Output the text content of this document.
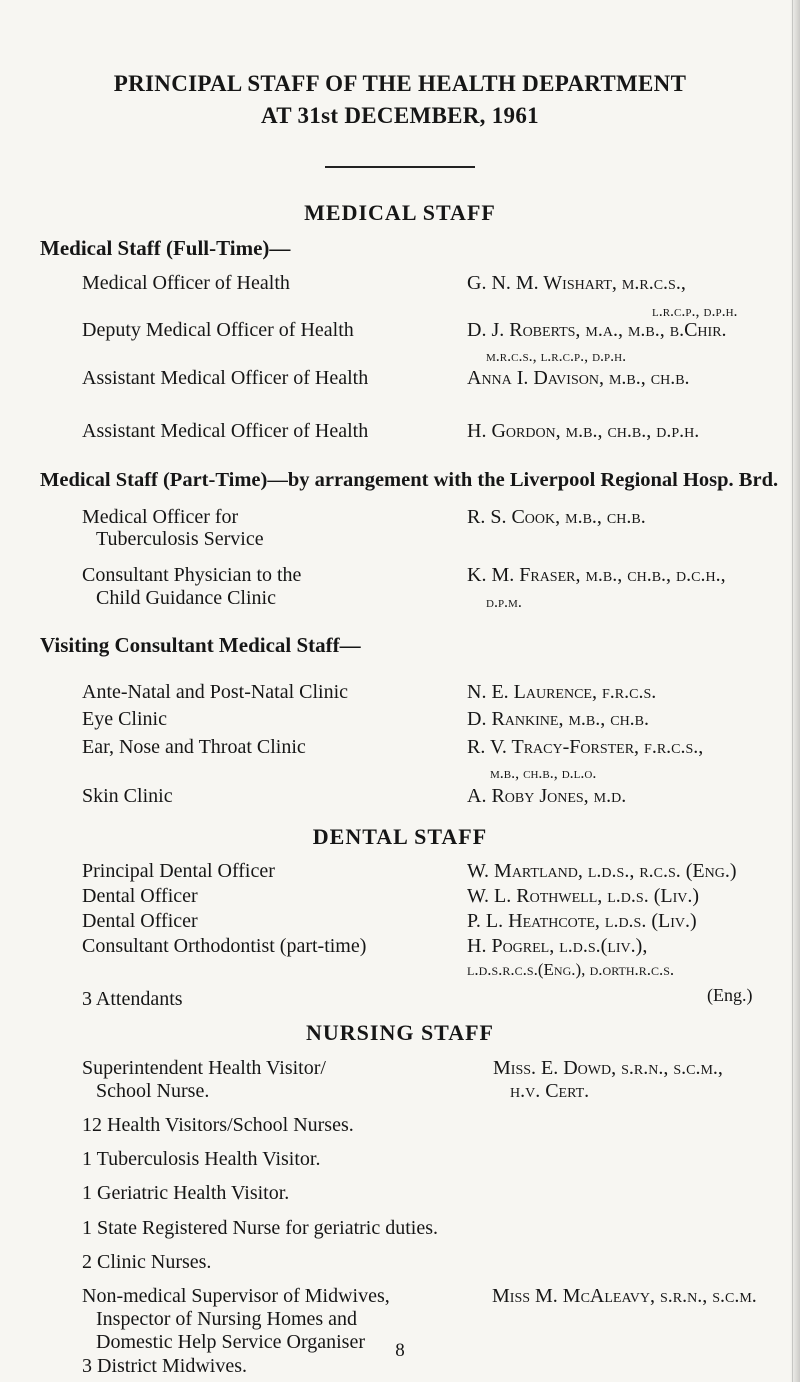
PRINCIPAL STAFF OF THE HEALTH DEPARTMENT
AT 31st DECEMBER, 1961
MEDICAL STAFF
Medical Staff (Full-Time)—
Medical Officer of Health	G. N. M. Wishart, m.r.c.s.,
l.r.c.p., d.p.h.
Deputy Medical Officer of Health	D. J. Roberts, m.a., m.b., b.Chir.
m.r.c.s., l.r.c.p., d.p.h.
Assistant Medical Officer of Health	Anna I. Davison, m.b., ch.b.
Assistant Medical Officer of Health	H. Gordon, m.b., ch.b., d.p.h.
Medical Staff (Part-Time)—by arrangement with the Liverpool Regional Hosp. Brd.
Medical Officer for
Tuberculosis Service
R. S. Cook, m.b., ch.b.
Consultant Physician to the
Child Guidance Clinic
K. M. Fraser, m.b., ch.b., d.c.h.,
d.p.m.
Visiting Consultant Medical Staff—
Ante-Natal and Post-Natal Clinic	N. E. Laurence, f.r.c.s.
Eye Clinic	D. Rankine, m.b., ch.b.
Ear, Nose and Throat Clinic	R. V. Tracy-Forster, f.r.c.s.,
m.b., ch.b., d.l.o.
Skin Clinic	A. Roby Jones, m.d.
DENTAL STAFF
Principal Dental Officer	W. Martland, l.d.s., r.c.s. (Eng.)
Dental Officer	W. L. Rothwell, l.d.s. (Liv.)
Dental Officer	P. L. Heathcote, l.d.s. (Liv.)
Consultant Orthodontist (part-time)	H. Pogrel, l.d.s.(liv.),
l.d.s.r.c.s.(Eng.), d.orth.r.c.s.
(Eng.)
3 Attendants
NURSING STAFF
Superintendent Health Visitor/
School Nurse.
Miss. E. Dowd, s.r.n., s.c.m.,
h.v. Cert.
12 Health Visitors/School Nurses.
1 Tuberculosis Health Visitor.
1 Geriatric Health Visitor.
1 State Registered Nurse for geriatric duties.
2 Clinic Nurses.
Non-medical Supervisor of Midwives,
Inspector of Nursing Homes and
Domestic Help Service Organiser
Miss M. McAleavy, s.r.n., s.c.m.
3 District Midwives.
8
